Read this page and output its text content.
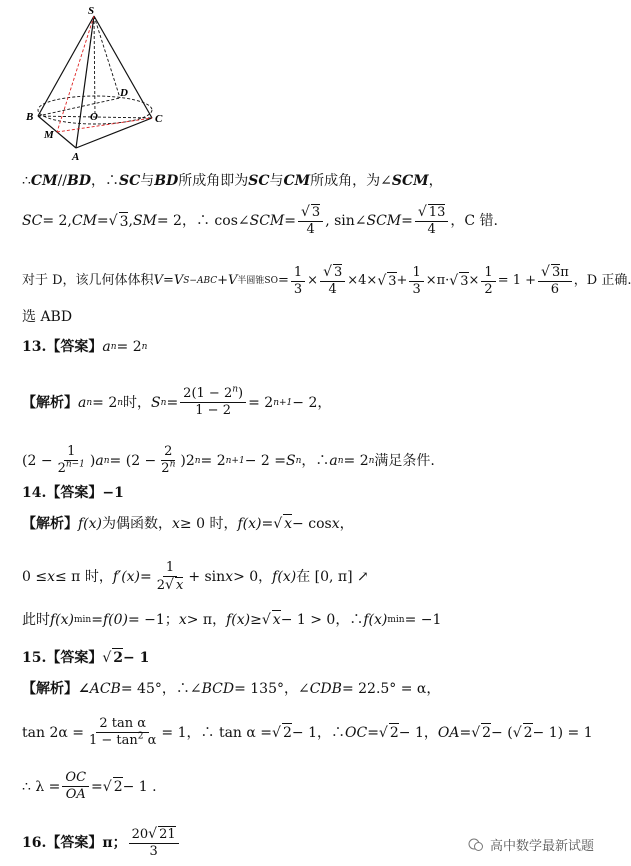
S
B	C
D
O
M
A
∴ CM // BD ，∴ SC 与 BD 所成角即为 SC 与 CM 所成角，为∠ SCM ，
SC = 2, CM = √ 3 , SM = 2 ，∴ cos∠ SCM = $\frac{√ 3}{4}$ , sin∠ SCM = $\frac{√ 13}{4}$ ，C 错.
对于 D，该几何体体积 V = V S−ABC + V 半圆锥SO = $\frac{1}{3} \times \frac{√ 3}{4} \times 4\times$ √ $3 + \frac{1}{3} \times\pi\cdot$ √ $3 \times \frac{1}{2} = 1 + \frac{√ 3\pi}{6}$ ，D 正确.
选 ABD
13.【答案】 a n = 2 n
【解析】 a n = 2 n 时， S $n = \frac{2(1 - 2^n)}{1 - 2} = 2$ n+1 − 2，
($2 - \frac{1}{2^{n-1}}$ ) a $n = (2 - \frac{2}{2^n} )2$ n = 2 n+1 − 2 = S n ，∴ a n = 2 n 满足条件.
14.【答案】−1
【解析】 f(x) 为偶函数， x ≥ 0 时， f(x) = √ x − cos x ，
0 ≤ x ≤ π 时， $f'(x) = \frac{1}{2√ x} + \sin x > 0$， f(x) 在 [0, π] ↗
此时 f(x) min = f(0) = −1； x > π， f(x) ≥ √ x − 1 > 0，∴ f(x) min = −1
15.【答案】 √ 2 − 1
【解析】∠ ACB = 45°，∴∠ BCD = 135°，∠ CDB = 22.5° = α，
$\tan 2\alpha = \frac{\text{2 tan α}}{1 - \tan^2 \alpha} = 1$，∴ tan α = √ 2 − 1，∴ OC = √ 2 − 1， OA = √ 2 − ( √ 2 − 1) = 1
∴ $\lambda = \frac{OC}{OA}$ = √ 2 − 1 .
16.【答案】π； $\frac{20√ 21}{3}$	高中数学最新试题
